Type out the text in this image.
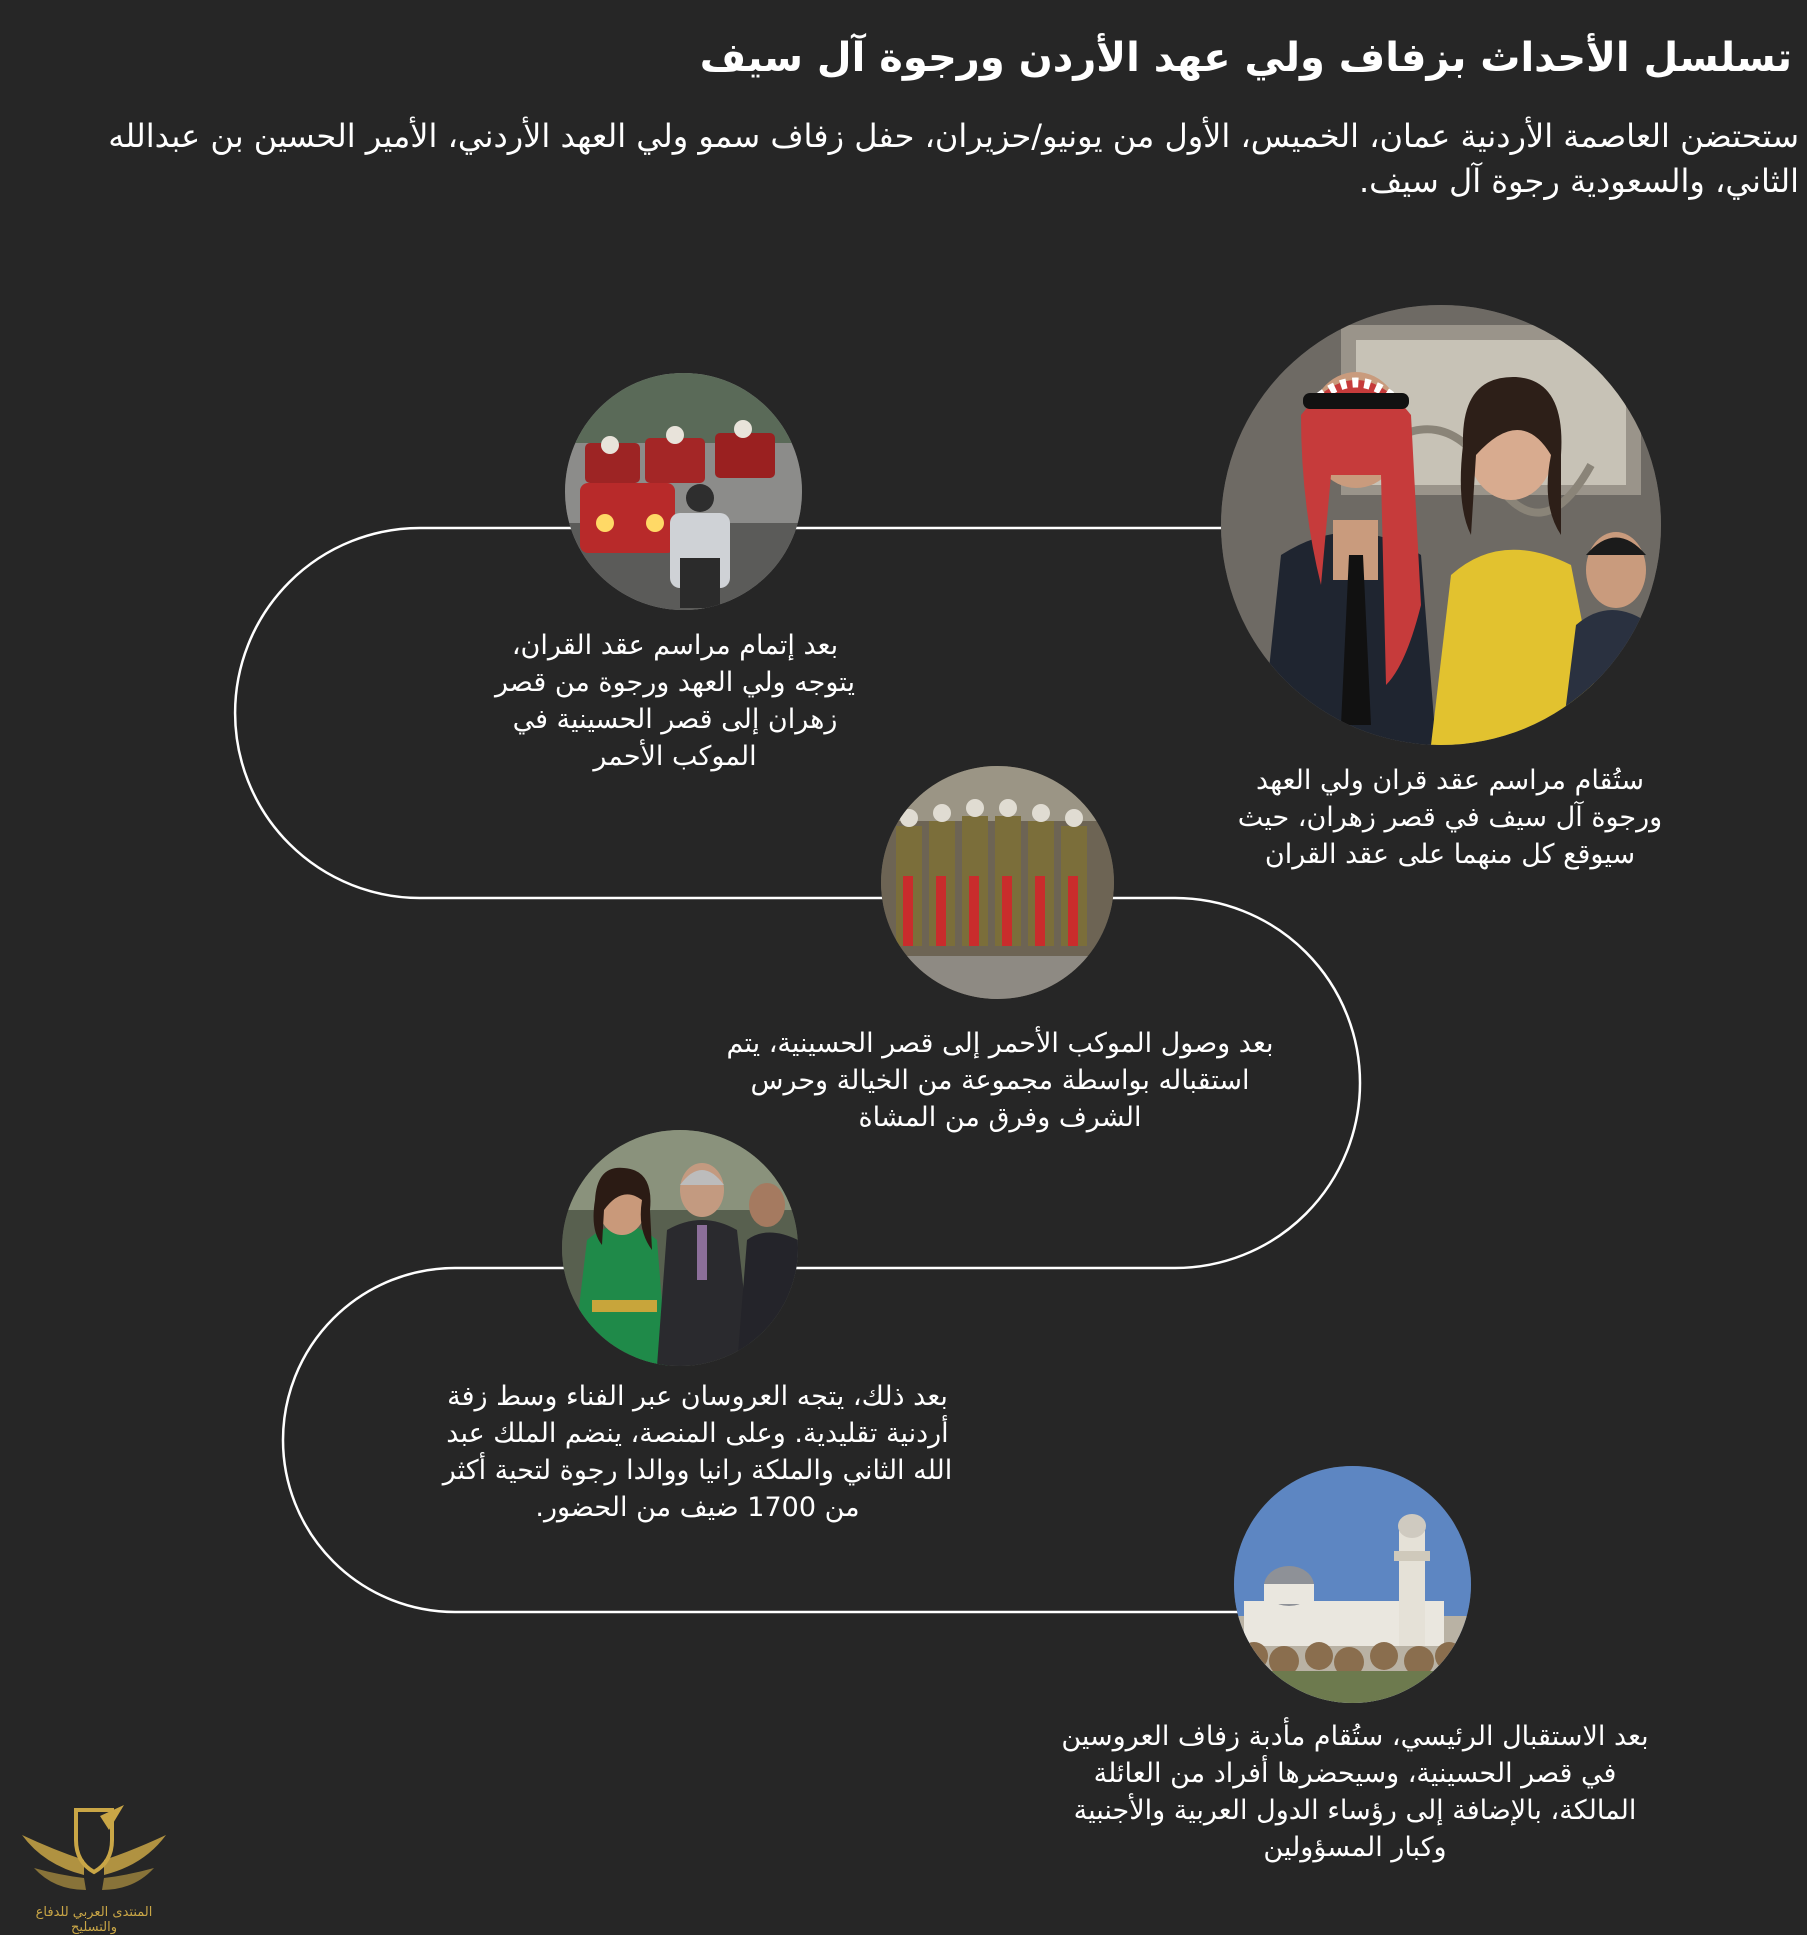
تسلسل الأحداث بزفاف ولي عهد الأردن ورجوة آل سيف

ستحتضن العاصمة الأردنية عمان، الخميس، الأول من يونيو/حزيران، حفل زفاف سمو ولي العهد الأردني، الأمير الحسين بن عبدالله الثاني، والسعودية رجوة آل سيف.

ستُقام مراسم عقد قران ولي العهد ورجوة آل سيف في قصر زهران، حيث سيوقع كل منهما على عقد القران
بعد إتمام مراسم عقد القران، يتوجه ولي العهد ورجوة من قصر زهران إلى قصر الحسينية في الموكب الأحمر
بعد وصول الموكب الأحمر إلى قصر الحسينية، يتم استقباله بواسطة مجموعة من الخيالة وحرس الشرف وفرق من المشاة
بعد ذلك، يتجه العروسان عبر الفناء وسط زفة أردنية تقليدية. وعلى المنصة، ينضم الملك عبد الله الثاني والملكة رانيا ووالدا رجوة لتحية أكثر من 1700 ضيف من الحضور.
بعد الاستقبال الرئيسي، ستُقام مأدبة زفاف العروسين في قصر الحسينية، وسيحضرها أفراد من العائلة المالكة، بالإضافة إلى رؤساء الدول العربية والأجنبية وكبار المسؤولين
المنتدى العربي للدفاع والتسليح
